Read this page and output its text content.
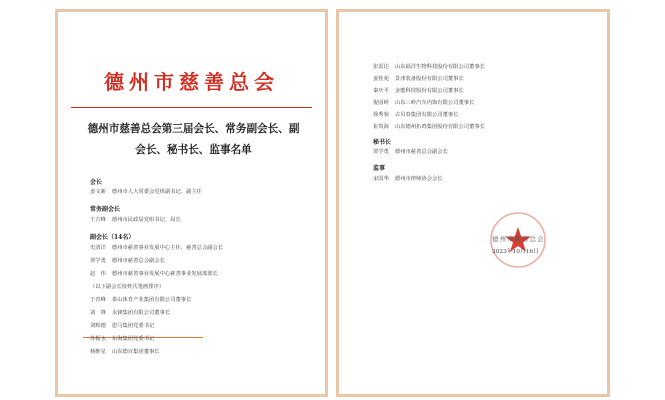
德州市慈善总会
德州市慈善总会第三届会长、常务副会长、副
会长、秘书长、监事名单
会长
姜文新 德州市人大常委会党组副书记、副主任
常务副会长
王吉峰 德州市民政局党组书记、局长
副会长（14名）
史清洋 德州市慈善事业发展中心主任、慈善总会副会长
贾学勇 德州市慈善总会副会长
赵　伟 德州市慈善事业发展中心慈善事业发展部部长
（以下副会长按姓氏笔画排序）
于青峰 泰山体育产业集团有限公司董事长
刘　锋 永锋集团有限公司董事长
刘辉德 恩马集团党委书记
苏振水 东海集团党委书记
杨维星 山东德百集团董事长
张雷达 山东福洋生物科技股份有限公司董事长
姜桂苑 景津装备股份有限公司董事长
秦庆平 金能科技股份有限公司董事长
倪国岭 山东三岭汽车内饰有限公司董事长
徐秀菊 古贝春集团有限公司董事长
崔贵海 山东德州扒鸡集团股份有限公司董事长
秘书长
贾学勇 德州市慈善总会副会长
监事
宋国华 德州市律师协会会长
德州市慈善总会
2023年10月16日
